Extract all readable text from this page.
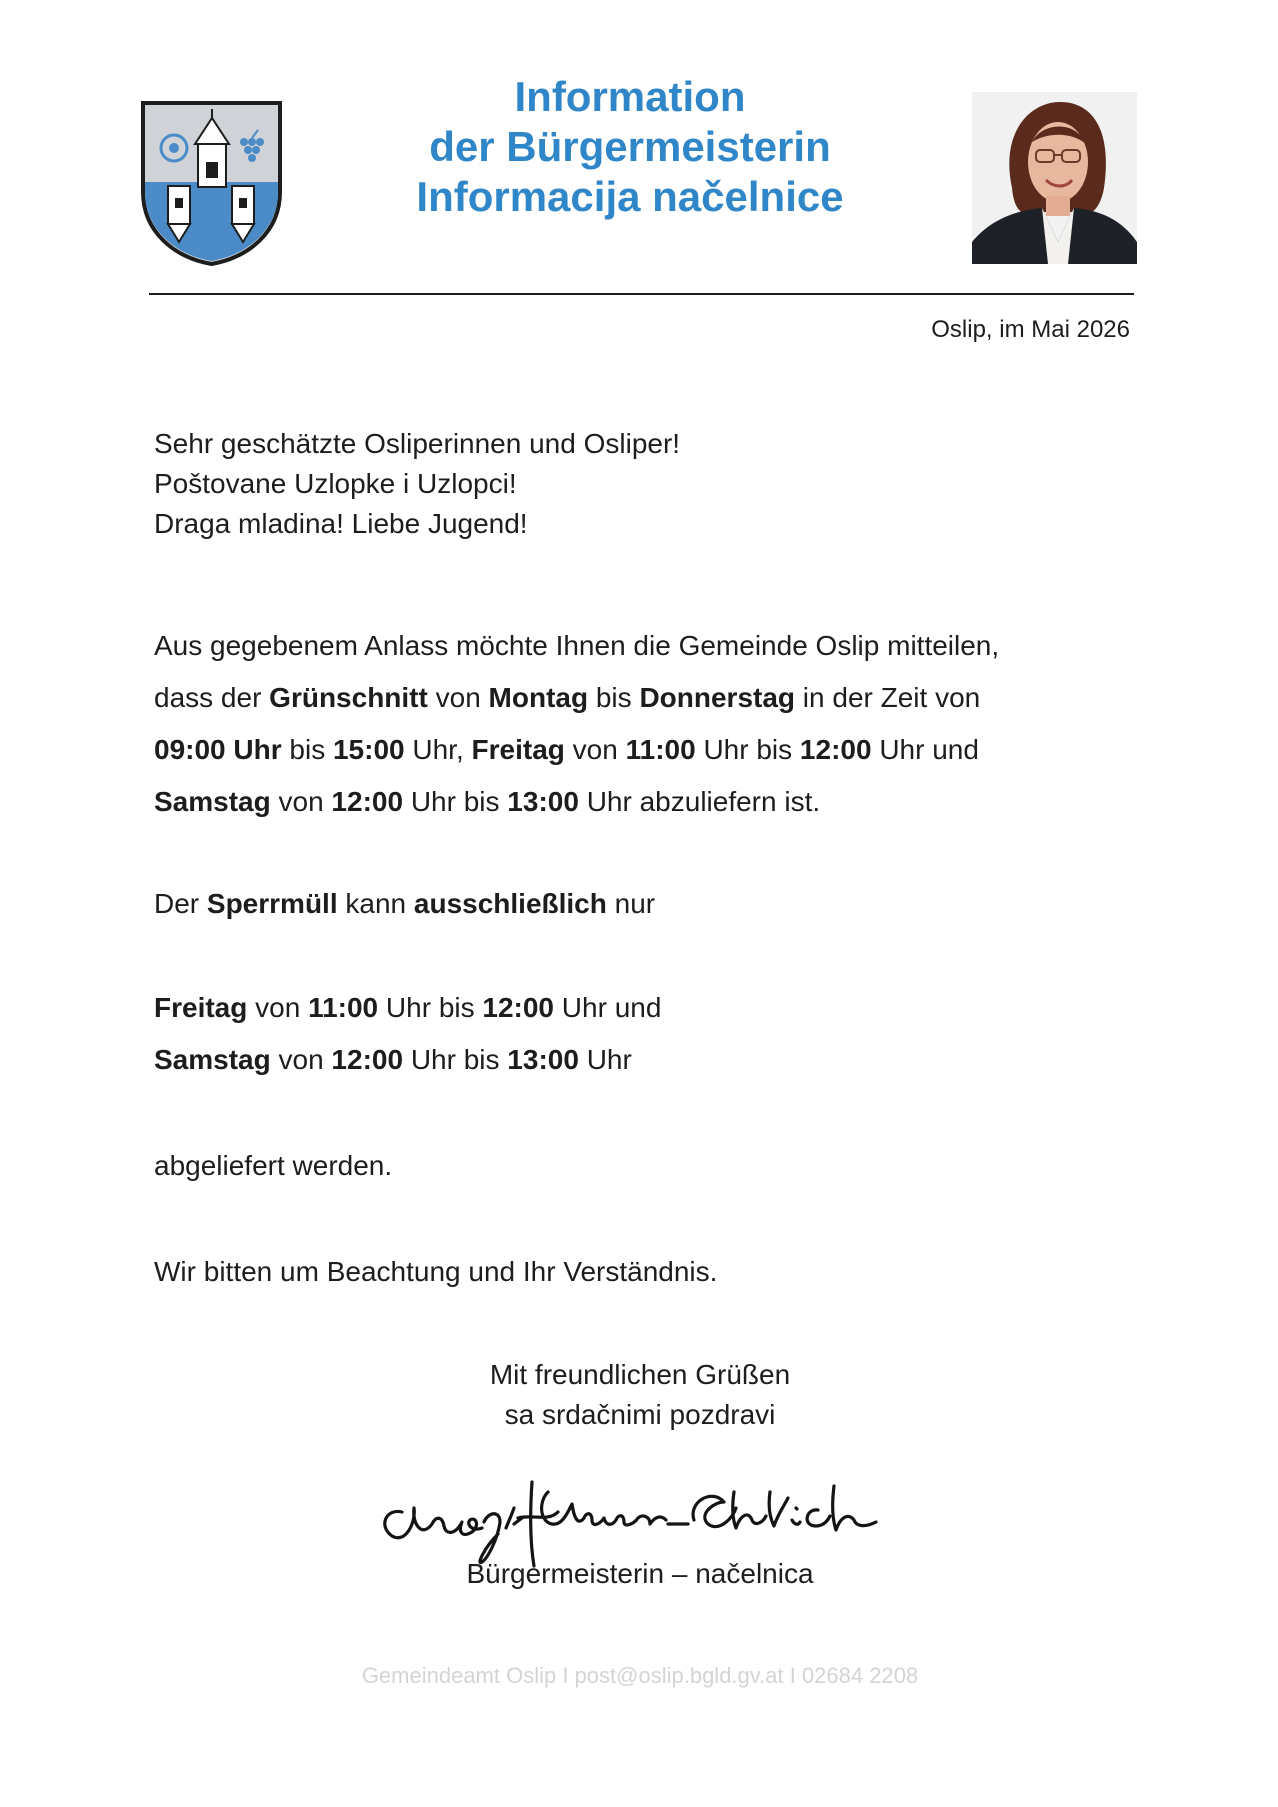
Information
der Bürgermeisterin
Informacija načelnice
Oslip, im Mai 2026
Sehr geschätzte Osliperinnen und Osliper!
Poštovane Uzlopke i Uzlopci!
Draga mladina! Liebe Jugend!
Aus gegebenem Anlass möchte Ihnen die Gemeinde Oslip mitteilen,
dass der Grünschnitt von Montag bis Donnerstag in der Zeit von
09:00 Uhr bis 15:00 Uhr, Freitag von 11:00 Uhr bis 12:00 Uhr und
Samstag von 12:00 Uhr bis 13:00 Uhr abzuliefern ist.
Der Sperrmüll kann ausschließlich nur
Freitag von 11:00 Uhr bis 12:00 Uhr und
Samstag von 12:00 Uhr bis 13:00 Uhr
abgeliefert werden.
Wir bitten um Beachtung und Ihr Verständnis.
Mit freundlichen Grüßen
sa srdačnimi pozdravi
Bürgermeisterin – načelnica
Gemeindeamt Oslip I post@oslip.bgld.gv.at I 02684 2208
